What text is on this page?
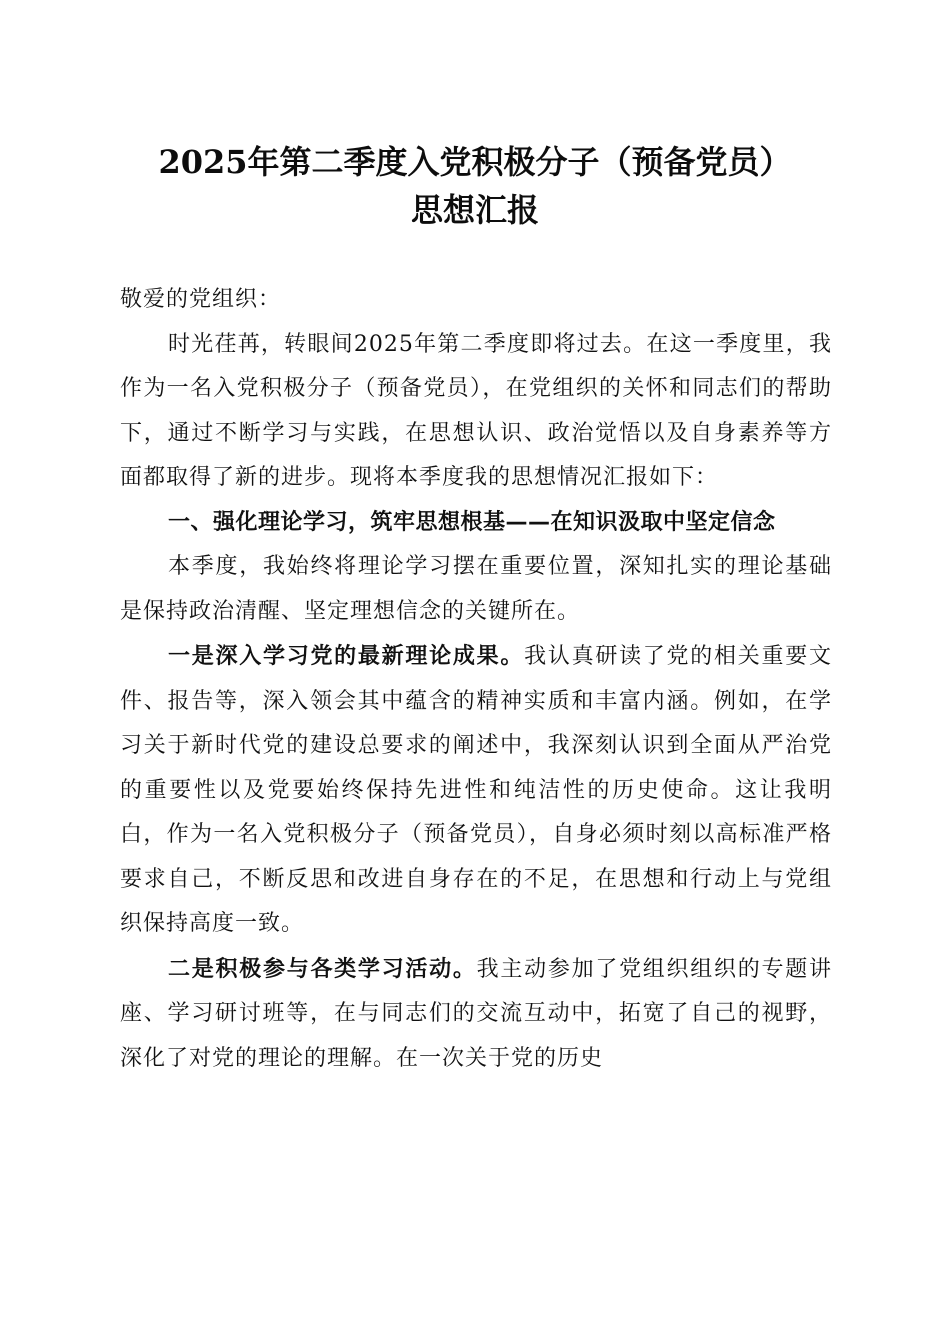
2025年第二季度入党积极分子（预备党员）
思想汇报

敬爱的党组织：

时光荏苒，转眼间2025年第二季度即将过去。在这一季度里，我作为一名入党积极分子（预备党员），在党组织的关怀和同志们的帮助下，通过不断学习与实践，在思想认识、政治觉悟以及自身素养等方面都取得了新的进步。现将本季度我的思想情况汇报如下：

一、强化理论学习，筑牢思想根基——在知识汲取中坚定信念

本季度，我始终将理论学习摆在重要位置，深知扎实的理论基础是保持政治清醒、坚定理想信念的关键所在。

一是深入学习党的最新理论成果。我认真研读了党的相关重要文件、报告等，深入领会其中蕴含的精神实质和丰富内涵。例如，在学习关于新时代党的建设总要求的阐述中，我深刻认识到全面从严治党的重要性以及党要始终保持先进性和纯洁性的历史使命。这让我明白，作为一名入党积极分子（预备党员），自身必须时刻以高标准严格要求自己，不断反思和改进自身存在的不足，在思想和行动上与党组织保持高度一致。

二是积极参与各类学习活动。我主动参加了党组织组织的专题讲座、学习研讨班等，在与同志们的交流互动中，拓宽了自己的视野，深化了对党的理论的理解。在一次关于党的历史
